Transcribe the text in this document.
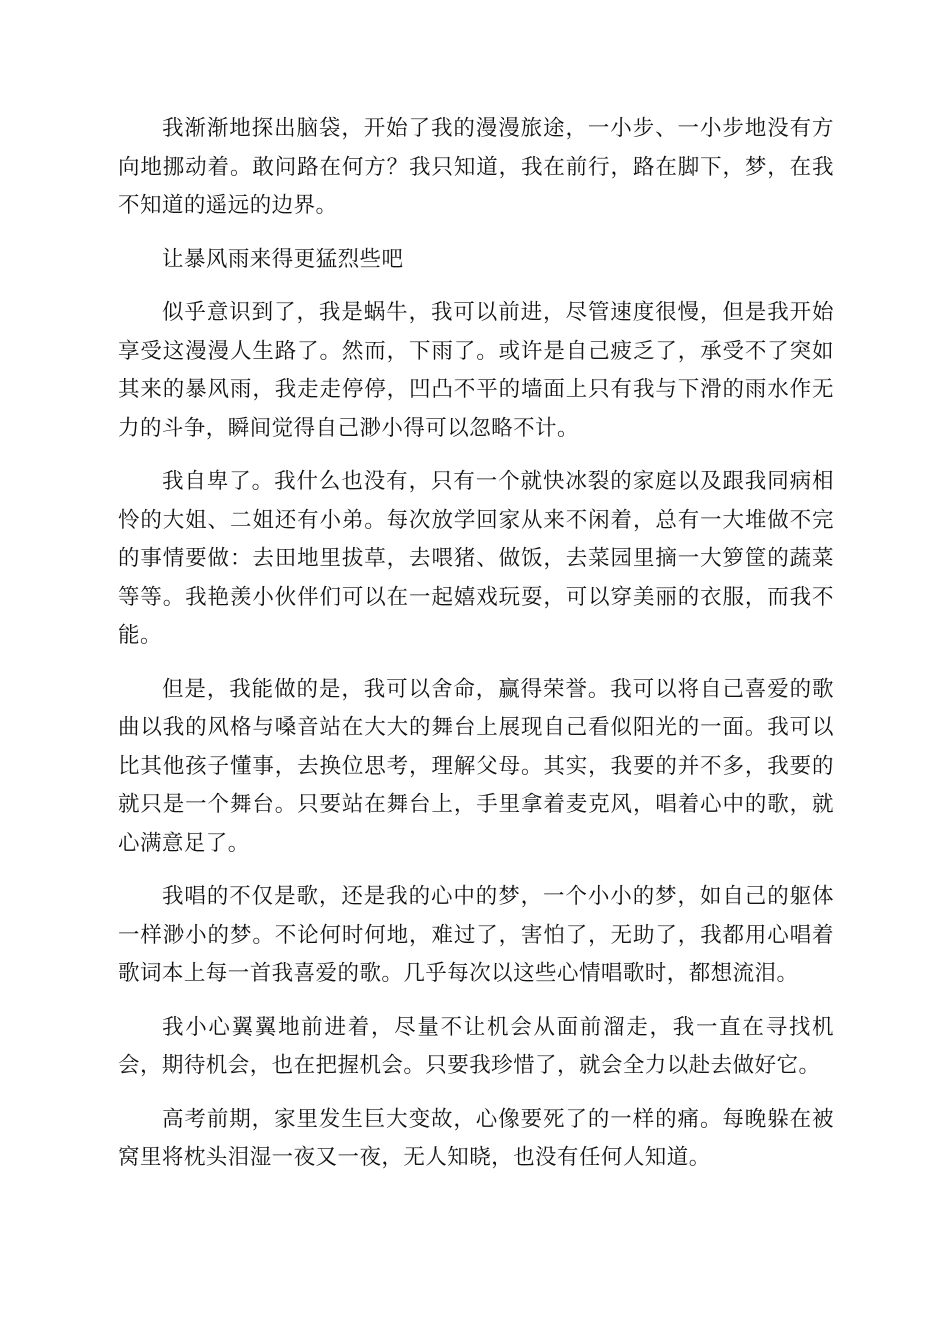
我渐渐地探出脑袋，开始了我的漫漫旅途，一小步、一小步地没有方向地挪动着。敢问路在何方？我只知道，我在前行，路在脚下，梦，在我不知道的遥远的边界。

让暴风雨来得更猛烈些吧

似乎意识到了，我是蜗牛，我可以前进，尽管速度很慢，但是我开始享受这漫漫人生路了。然而，下雨了。或许是自己疲乏了，承受不了突如其来的暴风雨，我走走停停，凹凸不平的墙面上只有我与下滑的雨水作无力的斗争，瞬间觉得自己渺小得可以忽略不计。

我自卑了。我什么也没有，只有一个就快冰裂的家庭以及跟我同病相怜的大姐、二姐还有小弟。每次放学回家从来不闲着，总有一大堆做不完的事情要做：去田地里拔草，去喂猪、做饭，去菜园里摘一大箩筐的蔬菜等等。我艳羡小伙伴们可以在一起嬉戏玩耍，可以穿美丽的衣服，而我不能。

但是，我能做的是，我可以舍命，赢得荣誉。我可以将自己喜爱的歌曲以我的风格与嗓音站在大大的舞台上展现自己看似阳光的一面。我可以比其他孩子懂事，去换位思考，理解父母。其实，我要的并不多，我要的就只是一个舞台。只要站在舞台上，手里拿着麦克风，唱着心中的歌，就心满意足了。

我唱的不仅是歌，还是我的心中的梦，一个小小的梦，如自己的躯体一样渺小的梦。不论何时何地，难过了，害怕了，无助了，我都用心唱着歌词本上每一首我喜爱的歌。几乎每次以这些心情唱歌时，都想流泪。

我小心翼翼地前进着，尽量不让机会从面前溜走，我一直在寻找机会，期待机会，也在把握机会。只要我珍惜了，就会全力以赴去做好它。

高考前期，家里发生巨大变故，心像要死了的一样的痛。每晚躲在被窝里将枕头泪湿一夜又一夜，无人知晓，也没有任何人知道。
